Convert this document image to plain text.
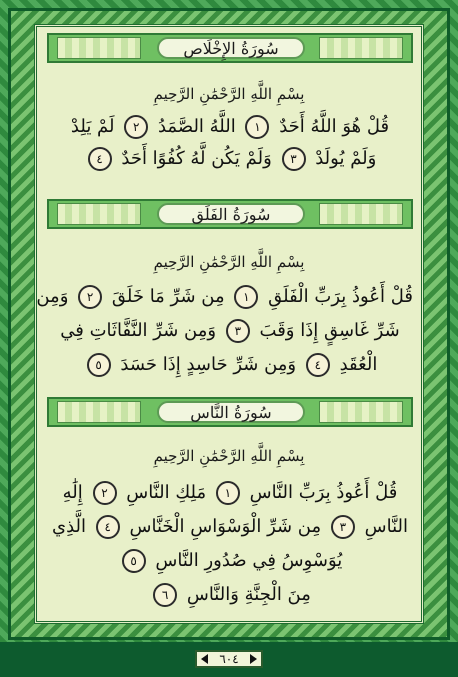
سُورَةُ الإِخْلَاص
بِسْمِ اللَّهِ الرَّحْمَٰنِ الرَّحِيمِ
قُلْ هُوَ اللَّهُ أَحَدٌ ١ اللَّهُ الصَّمَدُ ٢ لَمْ يَلِدْ
وَلَمْ يُولَدْ ٣ وَلَمْ يَكُن لَّهُ كُفُوًا أَحَدٌ ٤
سُورَةُ الفَلَق
بِسْمِ اللَّهِ الرَّحْمَٰنِ الرَّحِيمِ
قُلْ أَعُوذُ بِرَبِّ الْفَلَقِ ١ مِن شَرِّ مَا خَلَقَ ٢ وَمِن
شَرِّ غَاسِقٍ إِذَا وَقَبَ ٣ وَمِن شَرِّ النَّفَّاثَاتِ فِي
الْعُقَدِ ٤ وَمِن شَرِّ حَاسِدٍ إِذَا حَسَدَ ٥
سُورَةُ النَّاس
بِسْمِ اللَّهِ الرَّحْمَٰنِ الرَّحِيمِ
قُلْ أَعُوذُ بِرَبِّ النَّاسِ ١ مَلِكِ النَّاسِ ٢ إِلَٰهِ
النَّاسِ ٣ مِن شَرِّ الْوَسْوَاسِ الْخَنَّاسِ ٤ الَّذِي
يُوَسْوِسُ فِي صُدُورِ النَّاسِ ٥
مِنَ الْجِنَّةِ وَالنَّاسِ ٦
٦٠٤
